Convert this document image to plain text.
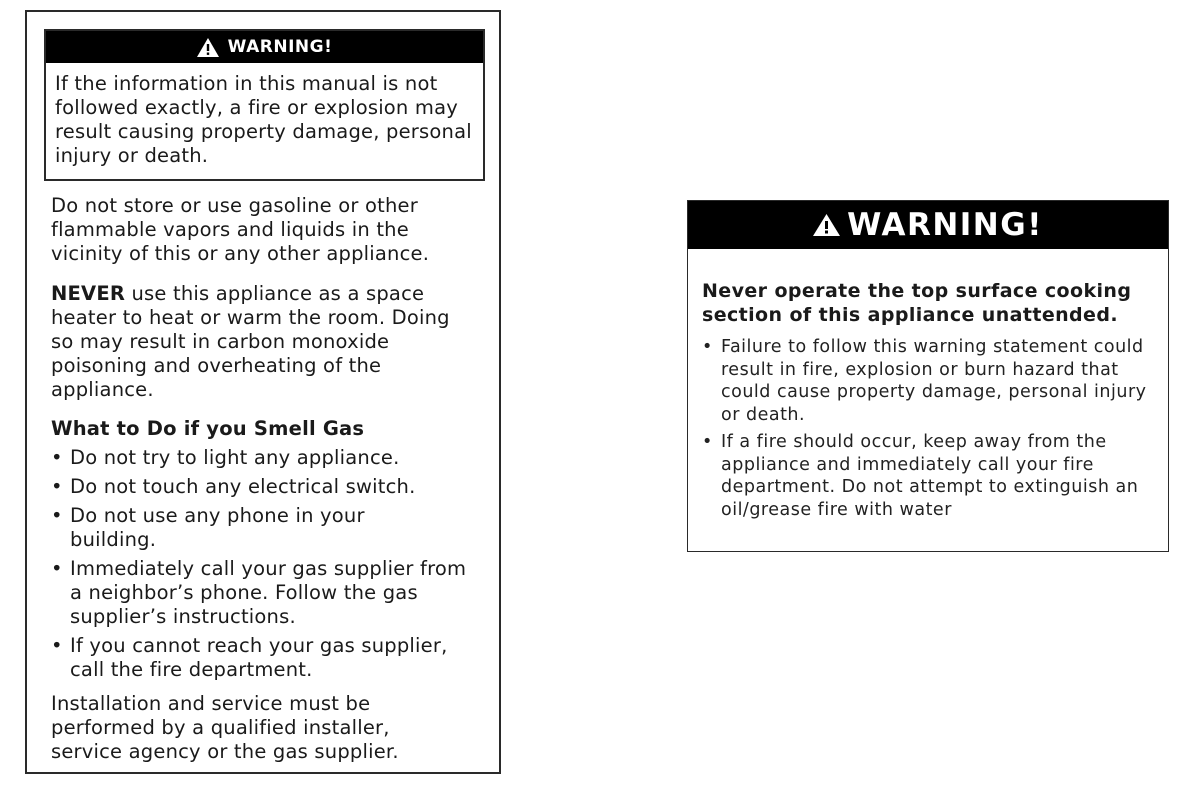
WARNING!
If the information in this manual is not followed exactly, a fire or explosion may result causing property damage, personal injury or death.
Do not store or use gasoline or other flammable vapors and liquids in the vicinity of this or any other appliance.
NEVER use this appliance as a space heater to heat or warm the room. Doing so may result in carbon monoxide poisoning and overheating of the appliance.
What to Do if you Smell Gas
• Do not try to light any appliance.
• Do not touch any electrical switch.
• Do not use any phone in your building.
• Immediately call your gas supplier from a neighbor’s phone. Follow the gas supplier’s instructions.
• If you cannot reach your gas supplier, call the fire department.
Installation and service must be performed by a qualified installer, service agency or the gas supplier.
WARNING!
Never operate the top surface cooking section of this appliance unattended.
• Failure to follow this warning statement could result in fire, explosion or burn hazard that could cause property damage, personal injury or death.
• If a fire should occur, keep away from the appliance and immediately call your fire department. Do not attempt to extinguish an oil/grease fire with water
